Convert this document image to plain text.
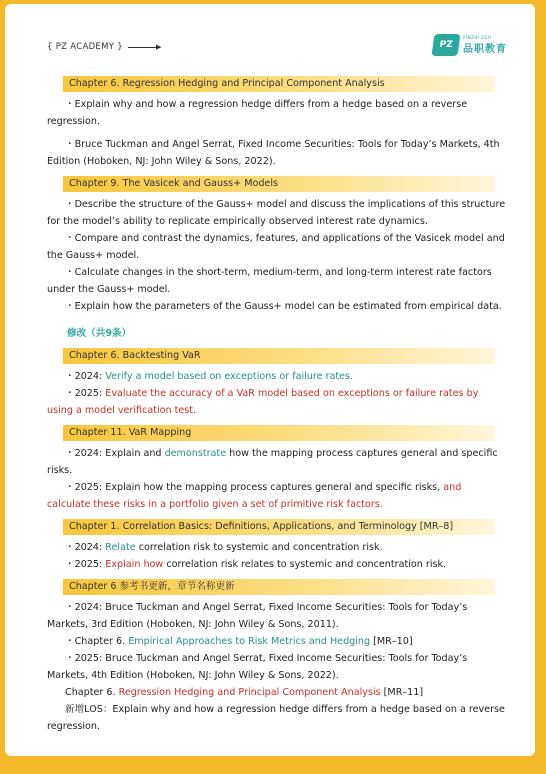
{ PZ ACADEMY }	▶	PZ
PINZHI EDU
品职教育
Chapter 6. Regression Hedging and Principal Component Analysis

・Explain why and how a regression hedge differs from a hedge based on a reverse regression.

・Bruce Tuckman and Angel Serrat, Fixed Income Securities: Tools for Today’s Markets, 4th Edition (Hoboken, NJ: John Wiley & Sons, 2022).

Chapter 9. The Vasicek and Gauss+ Models

・Describe the structure of the Gauss+ model and discuss the implications of this structure for the model’s ability to replicate empirically observed interest rate dynamics.

・Compare and contrast the dynamics, features, and applications of the Vasicek model and the Gauss+ model.

・Calculate changes in the short-term, medium-term, and long-term interest rate factors under the Gauss+ model.

・Explain how the parameters of the Gauss+ model can be estimated from empirical data.

修改（共9条）
Chapter 6. Backtesting VaR

・2024: Verify a model based on exceptions or failure rates.

・2025: Evaluate the accuracy of a VaR model based on exceptions or failure rates by using a model verification test.

Chapter 11. VaR Mapping

・2024: Explain and demonstrate how the mapping process captures general and specific risks.

・2025: Explain how the mapping process captures general and specific risks, and calculate these risks in a portfolio given a set of primitive risk factors.

Chapter 1. Correlation Basics: Definitions, Applications, and Terminology [MR–8]

・2024: Relate correlation risk to systemic and concentration risk.

・2025: Explain how correlation risk relates to systemic and concentration risk.

Chapter 6 参考书更新，章节名称更新

・2024: Bruce Tuckman and Angel Serrat, Fixed Income Securities: Tools for Today’s Markets, 3rd Edition (Hoboken, NJ: John Wiley & Sons, 2011).

・Chapter 6. Empirical Approaches to Risk Metrics and Hedging [MR–10]

・2025: Bruce Tuckman and Angel Serrat, Fixed Income Securities: Tools for Today’s Markets, 4th Edition (Hoboken, NJ: John Wiley & Sons, 2022).

Chapter 6. Regression Hedging and Principal Component Analysis [MR–11]

新增LOS：Explain why and how a regression hedge differs from a hedge based on a reverse regression.
